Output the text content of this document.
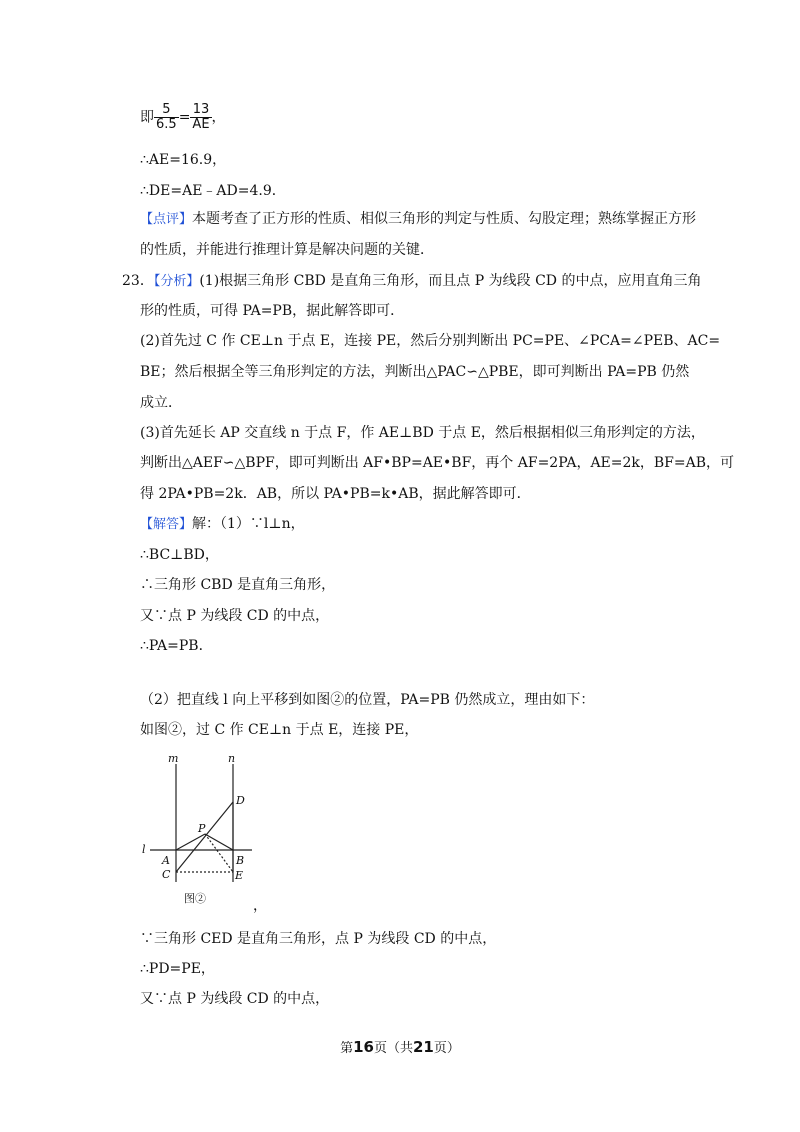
即 $\frac{5}{6.5} = \frac{13}{AE}$ ，
∴AE=16.9，
∴DE=AE﹣AD=4.9．
【点评】本题考查了正方形的性质、相似三角形的判定与性质、勾股定理；熟练掌握正方形
的性质，并能进行推理计算是解决问题的关键．
23．【分析】(1)根据三角形 CBD 是直角三角形，而且点 P 为线段 CD 的中点，应用直角三角
形的性质，可得 PA=PB，据此解答即可．
(2)首先过 C 作 CE⊥n 于点 E，连接 PE，然后分别判断出 PC=PE、∠PCA=∠PEB、AC=
BE；然后根据全等三角形判定的方法，判断出△PAC∽△PBE，即可判断出 PA=PB 仍然
成立．
(3)首先延长 AP 交直线 n 于点 F，作 AE⊥BD 于点 E，然后根据相似三角形判定的方法，
判断出△AEF∽△BPF，即可判断出 AF•BP=AE•BF，再个 AF=2PA，AE=2k，BF=AB，可
得 2PA•PB=2k．AB，所以 PA•PB=k•AB，据此解答即可．
【解答】解：（1）∵l⊥n，
∴BC⊥BD，
∴三角形 CBD 是直角三角形，
又∵点 P 为线段 CD 的中点，
∴PA=PB．
（2）把直线 l 向上平移到如图②的位置，PA=PB 仍然成立，理由如下：
如图②，过 C 作 CE⊥n 于点 E，连接 PE，
m	n
l
D
P
A	B
C	E
图②	，
∵三角形 CED 是直角三角形，点 P 为线段 CD 的中点，
∴PD=PE，
又∵点 P 为线段 CD 的中点，
第16页（共21页）
